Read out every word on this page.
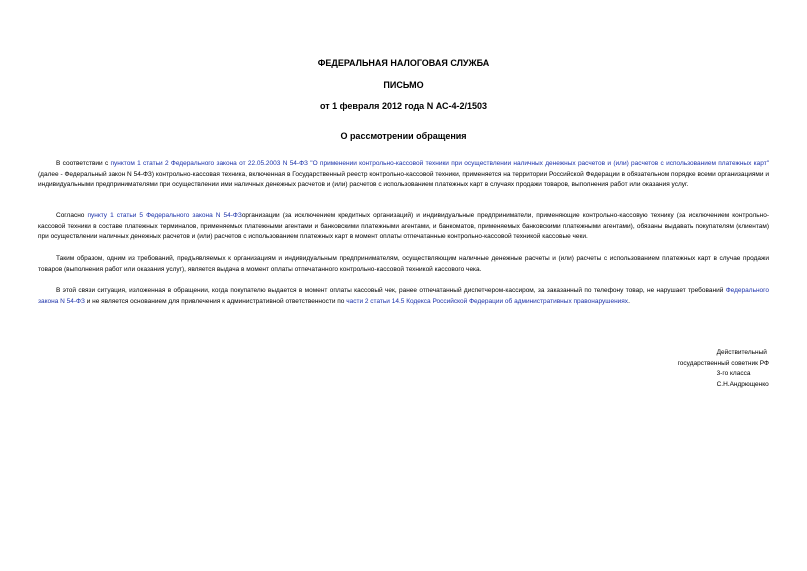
ФЕДЕРАЛЬНАЯ НАЛОГОВАЯ СЛУЖБА
ПИСЬМО
от 1 февраля 2012 года N АС-4-2/1503
О рассмотрении обращения

В соответствии с пунктом 1 статьи 2 Федерального закона от 22.05.2003 N 54-ФЗ "О применении контрольно-кассовой техники при осуществлении наличных денежных расчетов и (или) расчетов с использованием платежных карт" (далее - Федеральный закон N 54-ФЗ) контрольно-кассовая техника, включенная в Государственный реестр контрольно-кассовой техники, применяется на территории Российской Федерации в обязательном порядке всеми организациями и индивидуальными предпринимателями при осуществлении ими наличных денежных расчетов и (или) расчетов с использованием платежных карт в случаях продажи товаров, выполнения работ или оказания услуг.

Согласно пункту 1 статьи 5 Федерального закона N 54-ФЗорганизации (за исключением кредитных организаций) и индивидуальные предприниматели, применяющие контрольно-кассовую технику (за исключением контрольно-кассовой техники в составе платежных терминалов, применяемых платежными агентами и банковскими платежными агентами, и банкоматов, применяемых банковскими платежными агентами), обязаны выдавать покупателям (клиентам) при осуществлении наличных денежных расчетов и (или) расчетов с использованием платежных карт в момент оплаты отпечатанные контрольно-кассовой техникой кассовые чеки.

Таким образом, одним из требований, предъявляемых к организациям и индивидуальным предпринимателям, осуществляющим наличные денежные расчеты и (или) расчеты с использованием платежных карт в случае продажи товаров (выполнения работ или оказания услуг), является выдача в момент оплаты отпечатанного контрольно-кассовой техникой кассового чека.

В этой связи ситуация, изложенная в обращении, когда покупателю выдается в момент оплаты кассовый чек, ранее отпечатанный диспетчером-кассиром, за заказанный по телефону товар, не нарушает требований Федерального закона N 54-ФЗ и не является основанием для привлечения к административной ответственности по части 2 статьи 14.5 Кодекса Российской Федерации об административных правонарушениях.

Действительный
государственный советник РФ
3-го класса
С.Н.Андрющенко
